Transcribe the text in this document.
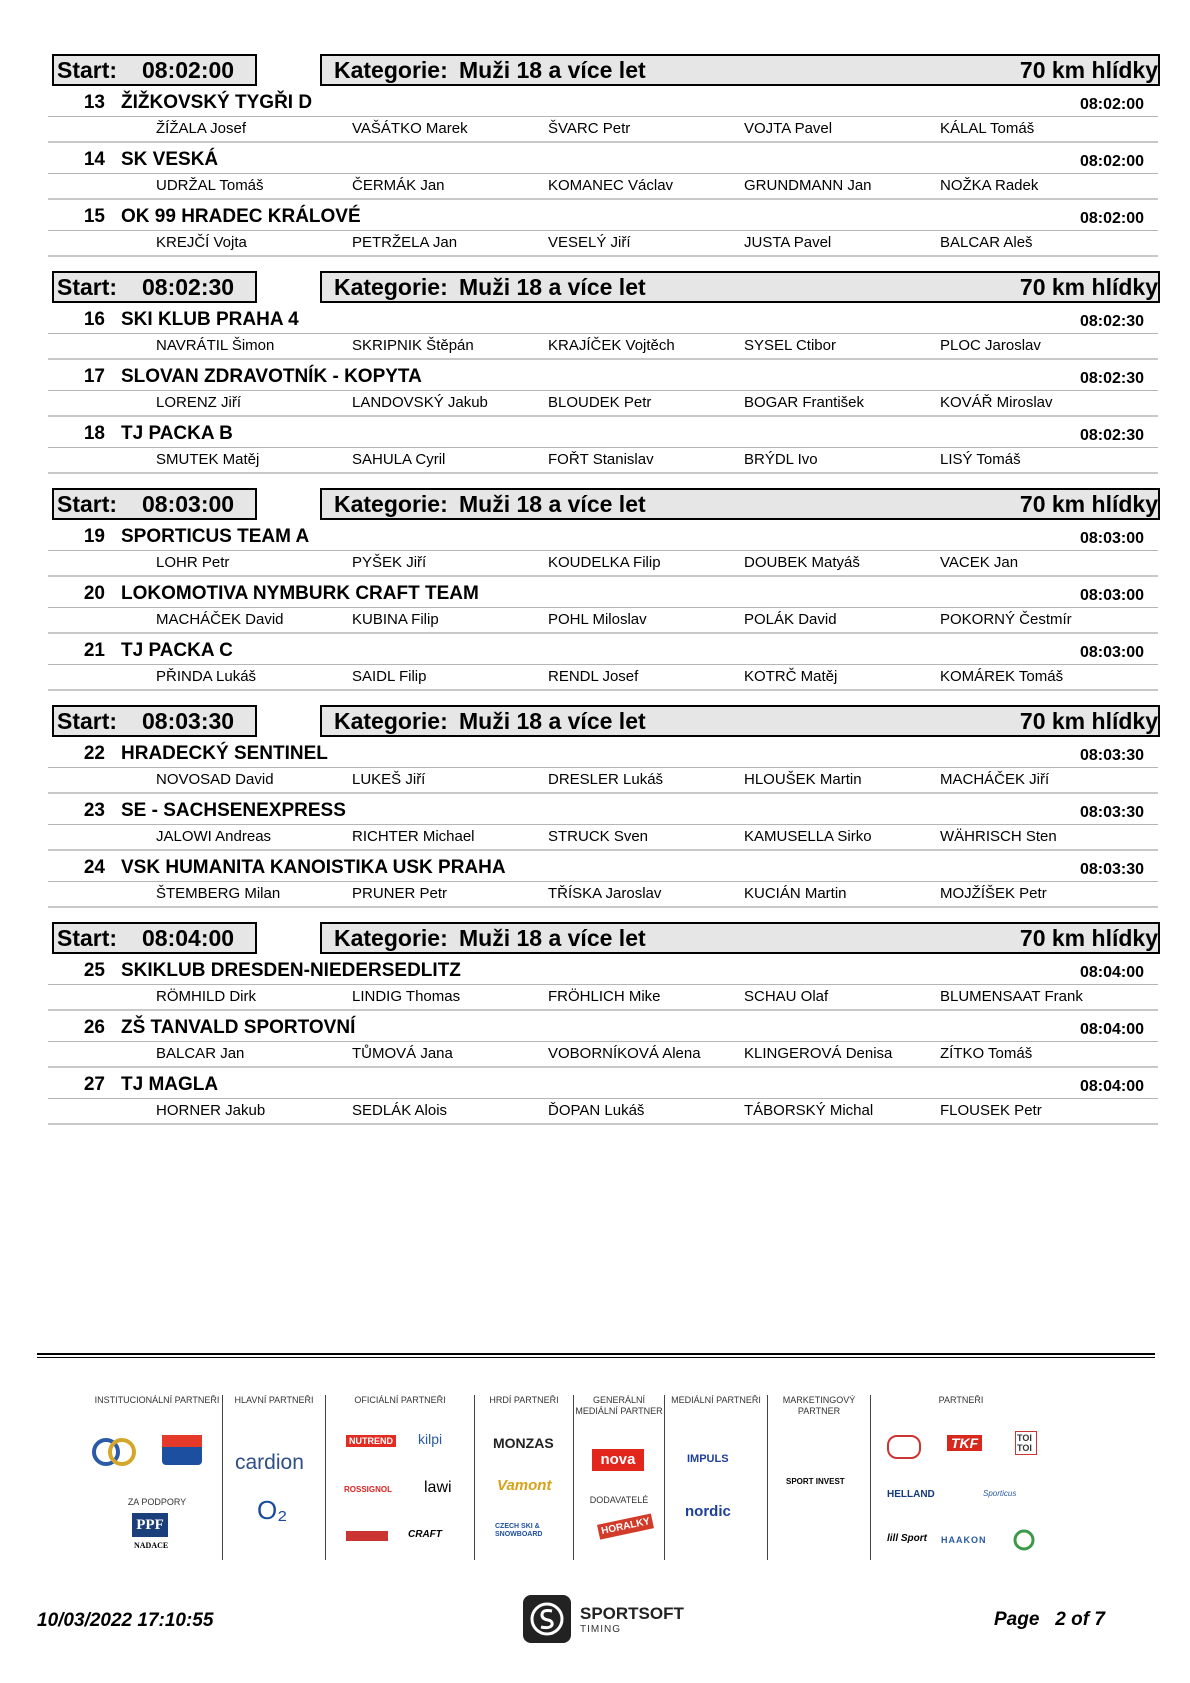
Start: 08:02:00	Kategorie: Muži 18 a více let	70 km hlídky
13 ŽIŽKOVSKÝ TYGŘI D	08:02:00
ŽÍŽALA Josef	VAŠÁTKO Marek	ŠVARC Petr	VOJTA Pavel	KÁLAL Tomáš
14 SK VESKÁ	08:02:00
UDRŽAL Tomáš	ČERMÁK Jan	KOMANEC Václav	GRUNDMANN Jan	NOŽKA Radek
15 OK 99 HRADEC KRÁLOVÉ	08:02:00
KREJČÍ Vojta	PETRŽELA Jan	VESELÝ Jiří	JUSTA Pavel	BALCAR Aleš
Start: 08:02:30	Kategorie: Muži 18 a více let	70 km hlídky
16 SKI KLUB PRAHA 4	08:02:30
NAVRÁTIL Šimon	SKRIPNIK Štěpán	KRAJÍČEK Vojtěch	SYSEL Ctibor	PLOC Jaroslav
17 SLOVAN ZDRAVOTNÍK - KOPYTA	08:02:30
LORENZ Jiří	LANDOVSKÝ Jakub	BLOUDEK Petr	BOGAR František	KOVÁŘ Miroslav
18 TJ PACKA B	08:02:30
SMUTEK Matěj	SAHULA Cyril	FOŘT Stanislav	BRÝDL Ivo	LISÝ Tomáš
Start: 08:03:00	Kategorie: Muži 18 a více let	70 km hlídky
19 SPORTICUS TEAM A	08:03:00
LOHR Petr	PYŠEK Jiří	KOUDELKA Filip	DOUBEK Matyáš	VACEK Jan
20 LOKOMOTIVA NYMBURK CRAFT TEAM	08:03:00
MACHÁČEK David	KUBINA Filip	POHL Miloslav	POLÁK David	POKORNÝ Čestmír
21 TJ PACKA C	08:03:00
PŘINDA Lukáš	SAIDL Filip	RENDL Josef	KOTRČ Matěj	KOMÁREK Tomáš
Start: 08:03:30	Kategorie: Muži 18 a více let	70 km hlídky
22 HRADECKÝ SENTINEL	08:03:30
NOVOSAD David	LUKEŠ Jiří	DRESLER Lukáš	HLOUŠEK Martin	MACHÁČEK Jiří
23 SE - SACHSENEXPRESS	08:03:30
JALOWI Andreas	RICHTER Michael	STRUCK Sven	KAMUSELLA Sirko	WÄHRISCH Sten
24 VSK HUMANITA KANOISTIKA USK PRAHA	08:03:30
ŠTEMBERG Milan	PRUNER Petr	TŘÍSKA Jaroslav	KUCIÁN Martin	MOJŽÍŠEK Petr
Start: 08:04:00	Kategorie: Muži 18 a více let	70 km hlídky
25 SKIKLUB DRESDEN-NIEDERSEDLITZ	08:04:00
RÖMHILD Dirk	LINDIG Thomas	FRÖHLICH Mike	SCHAU Olaf	BLUMENSAAT Frank
26 ZŠ TANVALD SPORTOVNÍ	08:04:00
BALCAR Jan	TŮMOVÁ Jana	VOBORNÍKOVÁ Alena	KLINGEROVÁ Denisa	ZÍTKO Tomáš
27 TJ MAGLA	08:04:00
HORNER Jakub	SEDLÁK Alois	ĎOPAN Lukáš	TÁBORSKÝ Michal	FLOUSEK Petr
INSTITUCIONÁLNÍ PARTNEŘI
ZA PODPORY
PPF
NADACE
HLAVNÍ PARTNEŘI
cardion
O₂
OFICIÁLNÍ PARTNEŘI
NUTREND kilpi
ROSSIGNOL lawi
CRAFT
HRDÍ PARTNEŘI
MONZAS
Vamont
CZECH SKI & SNOWBOARD
GENERÁLNÍ MEDIÁLNÍ PARTNER
nova
DODAVATELÉ
HORALKY
MEDIÁLNÍ PARTNEŘI
IMPULS
nordic
MARKETINGOVÝ PARTNER
SPORT INVEST
PARTNEŘI
TKF	TOI TOI
HELLAND	Sporticus
lill Sport HAAKON
10/03/2022 17:10:55	SPORTSOFT
TIMING	Page 2 of 7
